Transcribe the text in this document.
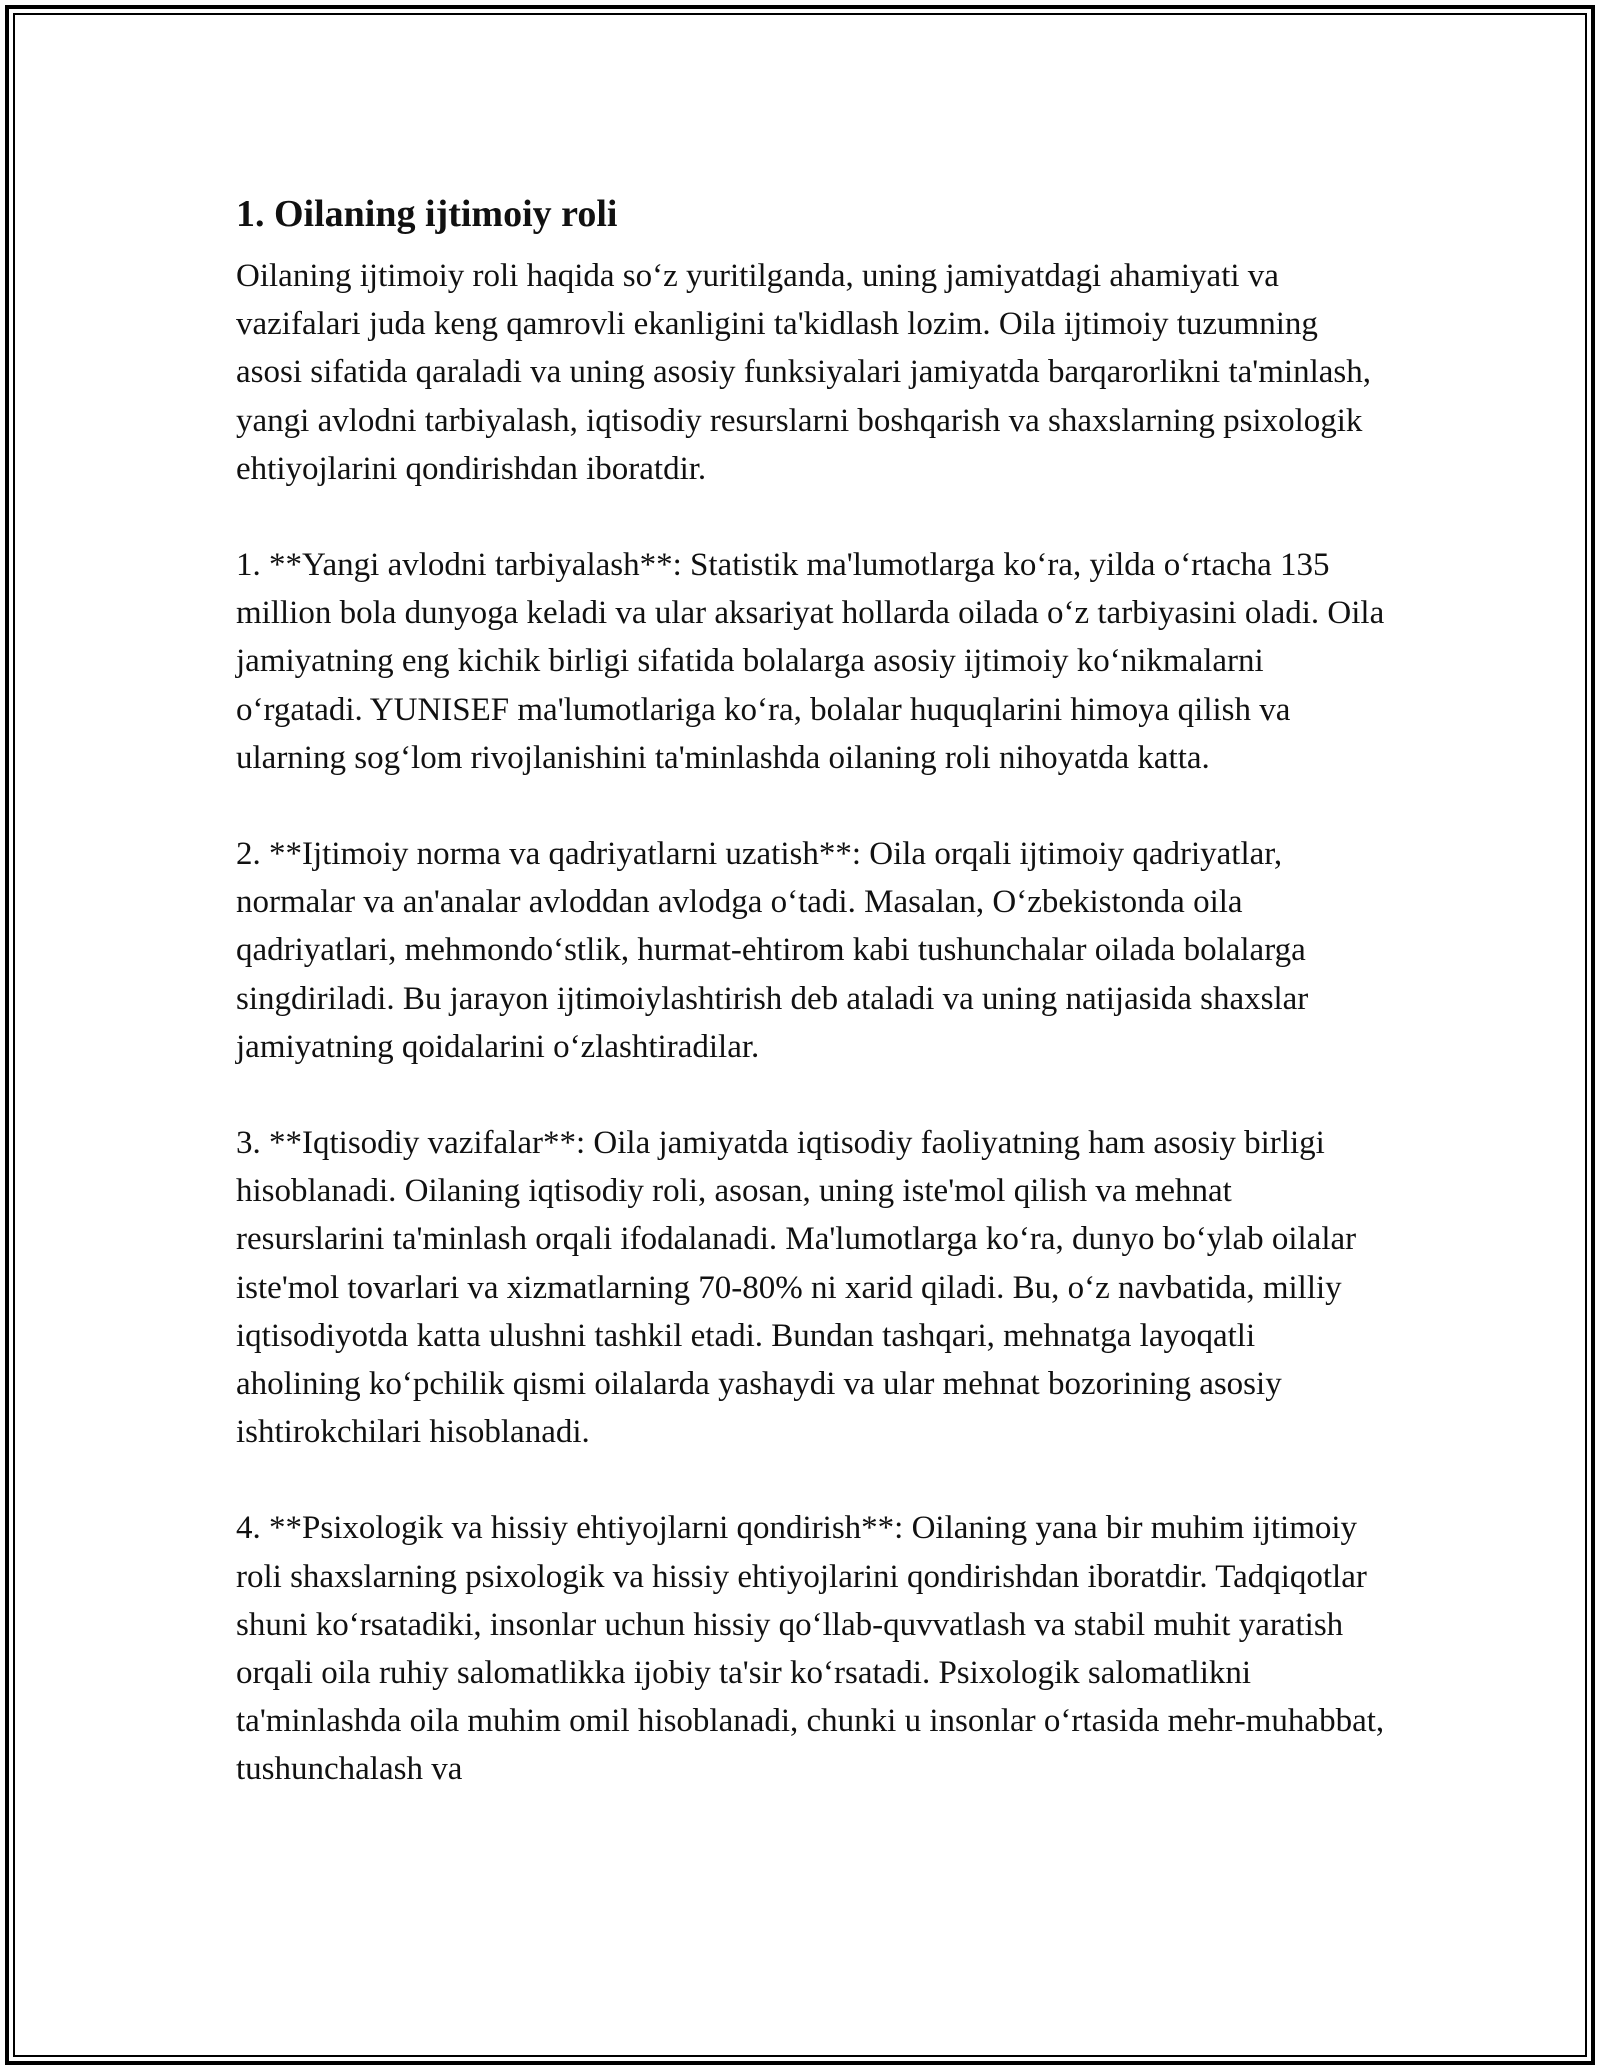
1. Oilaning ijtimoiy roli

Oilaning ijtimoiy roli haqida so‘z yuritilganda, uning jamiyatdagi ahamiyati va vazifalari juda keng qamrovli ekanligini ta'kidlash lozim. Oila ijtimoiy tuzumning asosi sifatida qaraladi va uning asosiy funksiyalari jamiyatda barqarorlikni ta'minlash, yangi avlodni tarbiyalash, iqtisodiy resurslarni boshqarish va shaxslarning psixologik ehtiyojlarini qondirishdan iboratdir.

1. **Yangi avlodni tarbiyalash**: Statistik ma'lumotlarga ko‘ra, yilda o‘rtacha 135 million bola dunyoga keladi va ular aksariyat hollarda oilada o‘z tarbiyasini oladi. Oila jamiyatning eng kichik birligi sifatida bolalarga asosiy ijtimoiy ko‘nikmalarni o‘rgatadi. YUNISEF ma'lumotlariga ko‘ra, bolalar huquqlarini himoya qilish va ularning sog‘lom rivojlanishini ta'minlashda oilaning roli nihoyatda katta.

2. **Ijtimoiy norma va qadriyatlarni uzatish**: Oila orqali ijtimoiy qadriyatlar, normalar va an'analar avloddan avlodga o‘tadi. Masalan, O‘zbekistonda oila qadriyatlari, mehmondo‘stlik, hurmat-ehtirom kabi tushunchalar oilada bolalarga singdiriladi. Bu jarayon ijtimoiylashtirish deb ataladi va uning natijasida shaxslar jamiyatning qoidalarini o‘zlashtiradilar.

3. **Iqtisodiy vazifalar**: Oila jamiyatda iqtisodiy faoliyatning ham asosiy birligi hisoblanadi. Oilaning iqtisodiy roli, asosan, uning iste'mol qilish va mehnat resurslarini ta'minlash orqali ifodalanadi. Ma'lumotlarga ko‘ra, dunyo bo‘ylab oilalar iste'mol tovarlari va xizmatlarning 70-80% ni xarid qiladi. Bu, o‘z navbatida, milliy iqtisodiyotda katta ulushni tashkil etadi. Bundan tashqari, mehnatga layoqatli aholining ko‘pchilik qismi oilalarda yashaydi va ular mehnat bozorining asosiy ishtirokchilari hisoblanadi.

4. **Psixologik va hissiy ehtiyojlarni qondirish**: Oilaning yana bir muhim ijtimoiy roli shaxslarning psixologik va hissiy ehtiyojlarini qondirishdan iboratdir. Tadqiqotlar shuni ko‘rsatadiki, insonlar uchun hissiy qo‘llab-quvvatlash va stabil muhit yaratish orqali oila ruhiy salomatlikka ijobiy ta'sir ko‘rsatadi. Psixologik salomatlikni ta'minlashda oila muhim omil hisoblanadi, chunki u insonlar o‘rtasida mehr-muhabbat, tushunchalash va
